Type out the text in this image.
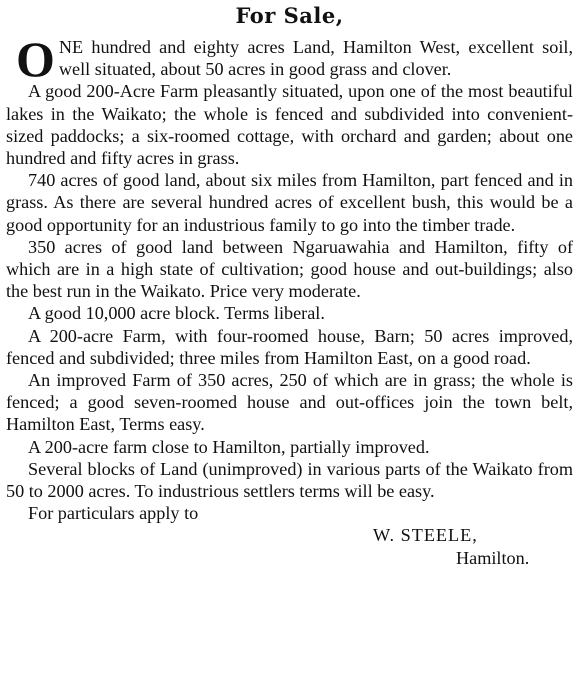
For Sale,

O NE hundred and eighty acres Land, Hamilton West, excellent soil, well situated, about 50 acres in good grass and clover.

A good 200-Acre Farm pleasantly situated, upon one of the most beautiful lakes in the Waikato; the whole is fenced and subdivided into convenient-sized paddocks; a six-roomed cottage, with orchard and garden; about one hundred and fifty acres in grass.

740 acres of good land, about six miles from Hamilton, part fenced and in grass. As there are several hundred acres of excellent bush, this would be a good opportunity for an industrious family to go into the timber trade.

350 acres of good land between Ngaruawahia and Hamilton, fifty of which are in a high state of cultivation; good house and out-buildings; also the best run in the Waikato. Price very moderate.

A good 10,000 acre block. Terms liberal.

A 200-acre Farm, with four-roomed house, Barn; 50 acres improved, fenced and subdivided; three miles from Hamilton East, on a good road.

An improved Farm of 350 acres, 250 of which are in grass; the whole is fenced; a good seven-roomed house and out-offices join the town belt, Hamilton East, Terms easy.

A 200-acre farm close to Hamilton, partially improved.

Several blocks of Land (unimproved) in various parts of the Waikato from 50 to 2000 acres. To industrious settlers terms will be easy.

For particulars apply to

W. STEELE,

Hamilton.
